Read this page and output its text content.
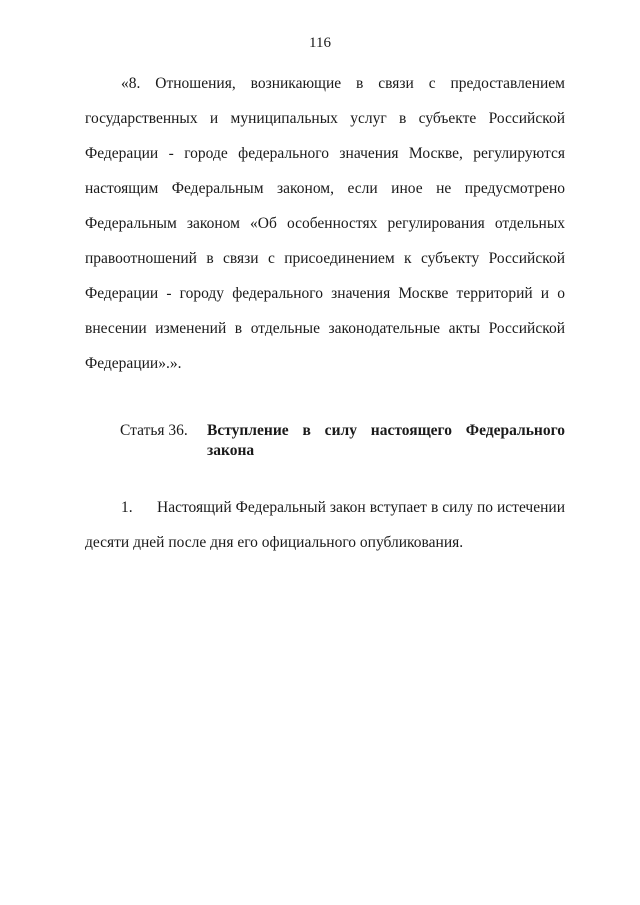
116

«8. Отношения, возникающие в связи с предоставлением государственных и муниципальных услуг в субъекте Российской Федерации - городе федерального значения Москве, регулируются настоящим Федеральным законом, если иное не предусмотрено Федеральным законом «Об особенностях регулирования отдельных правоотношений в связи с присоединением к субъекту Российской Федерации - городу федерального значения Москве территорий и о внесении изменений в отдельные законодательные акты Российской Федерации».».

Статья 36. Вступление в силу настоящего Федерального закона

1. Настоящий Федеральный закон вступает в силу по истечении десяти дней после дня его официального опубликования.
